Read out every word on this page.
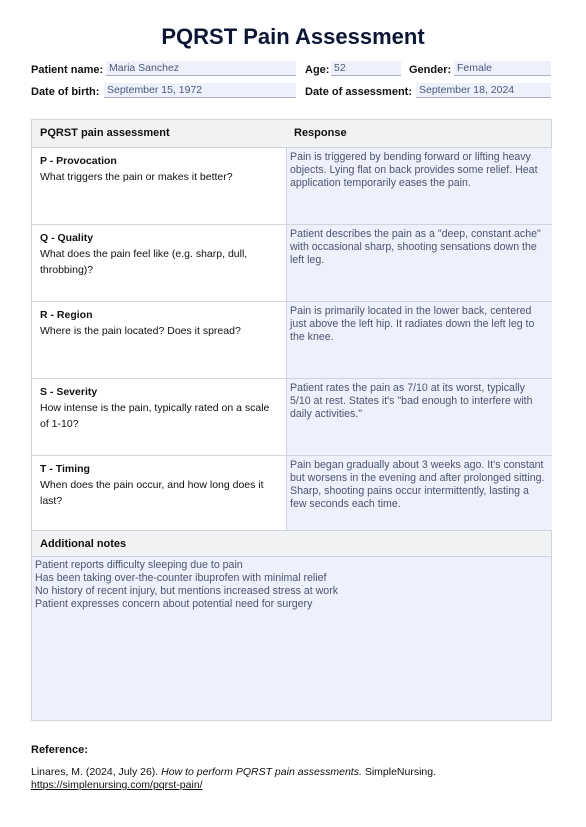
PQRST Pain Assessment
Patient name: Maria Sanchez	Age: 52	Gender: Female
Date of birth: September 15, 1972	Date of assessment: September 18, 2024
PQRST pain assessment	Response
P - Provocation
What triggers the pain or makes it better?
Pain is triggered by bending forward or lifting heavy objects. Lying flat on back provides some relief. Heat application temporarily eases the pain.
Q - Quality
What does the pain feel like (e.g. sharp, dull, throbbing)?
Patient describes the pain as a "deep, constant ache" with occasional sharp, shooting sensations down the left leg.
R - Region
Where is the pain located? Does it spread?
Pain is primarily located in the lower back, centered just above the left hip. It radiates down the left leg to the knee.
S - Severity
How intense is the pain, typically rated on a scale of 1-10?
Patient rates the pain as 7/10 at its worst, typically 5/10 at rest. States it's "bad enough to interfere with daily activities."
T - Timing
When does the pain occur, and how long does it last?
Pain began gradually about 3 weeks ago. It's constant but worsens in the evening and after prolonged sitting. Sharp, shooting pains occur intermittently, lasting a few seconds each time.
Additional notes
Patient reports difficulty sleeping due to pain
Has been taking over-the-counter ibuprofen with minimal relief
No history of recent injury, but mentions increased stress at work
Patient expresses concern about potential need for surgery
Reference:
Linares, M. (2024, July 26). How to perform PQRST pain assessments. SimpleNursing.
https://simplenursing.com/pqrst-pain/
